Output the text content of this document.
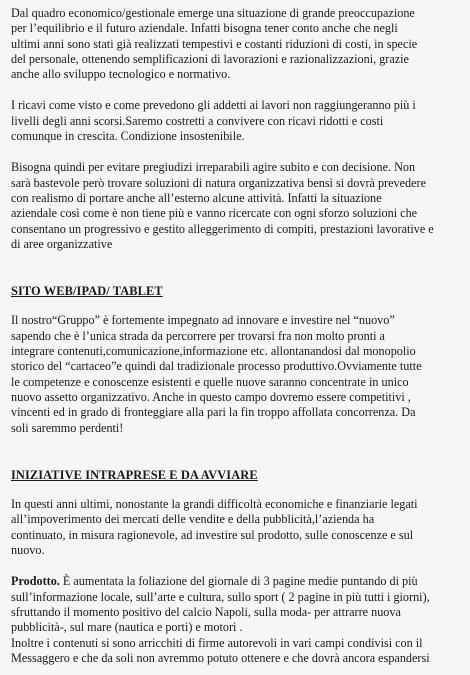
Dal quadro economico/gestionale emerge una situazione di grande preoccupazione
per l’equilibrio e il futuro aziendale. Infatti bisogna tener conto anche che negli
ultimi anni sono stati già realizzati tempestivi e costanti riduzioni di costi, in specie
del personale, ottenendo semplificazioni di lavorazioni e razionalizzazioni, grazie
anche allo sviluppo tecnologico e normativo.
I ricavi come visto e come prevedono gli addetti ai lavori non raggiungeranno più i
livelli degli anni scorsi.Saremo costretti a convivere con ricavi ridotti e costi
comunque in crescita. Condizione insostenibile.
Bisogna quindi per evitare pregiudizi irreparabili agire subito e con decisione. Non
sarà bastevole però trovare soluzioni di natura organizzativa bensì si dovrà prevedere
con realismo di portare anche all’esterno alcune attività. Infatti la situazione
aziendale così come è non tiene più e vanno ricercate con ogni sforzo soluzioni che
consentano un progressivo e gestito alleggerimento di compiti, prestazioni lavorative e
di aree organizzative

SITO WEB/IPAD/ TABLET

Il nostro“Gruppo” è fortemente impegnato ad innovare e investire nel “nuovo”
sapendo che è l’unica strada da percorrere per trovarsi fra non molto pronti a
integrare contenuti,comunicazione,informazione etc. allontanandosi dal monopolio
storico del “cartaceo”e quindi dal tradizionale processo produttivo.Ovviamente tutte
le competenze e conoscenze esistenti e quelle nuove saranno concentrate in unico
nuovo assetto organizzativo. Anche in questo campo dovremo essere competitivi ,
vincenti ed in grado di fronteggiare alla pari la fin troppo affollata concorrenza. Da
soli saremmo perdenti!

INIZIATIVE INTRAPRESE E DA AVVIARE

In questi anni ultimi, nonostante la grandi difficoltà economiche e finanziarie legati
all’impoverimento dei mercati delle vendite e della pubblicità,l’azienda ha
continuato, in misura ragionevole, ad investire sul prodotto, sulle conoscenze e sul
nuovo.
Prodotto. È aumentata la foliazione del giornale di 3 pagine medie puntando di più
sull’informazione locale, sull’arte e cultura, sullo sport ( 2 pagine in più tutti i giorni),
sfruttando il momento positivo del calcio Napoli, sulla moda- per attrarre nuova
pubblicità-, sul mare (nautica e porti) e motori .
Inoltre i contenuti si sono arricchiti di firme autorevoli in vari campi condivisi con il
Messaggero e che da soli non avremmo potuto ottenere e che dovrà ancora espandersi
